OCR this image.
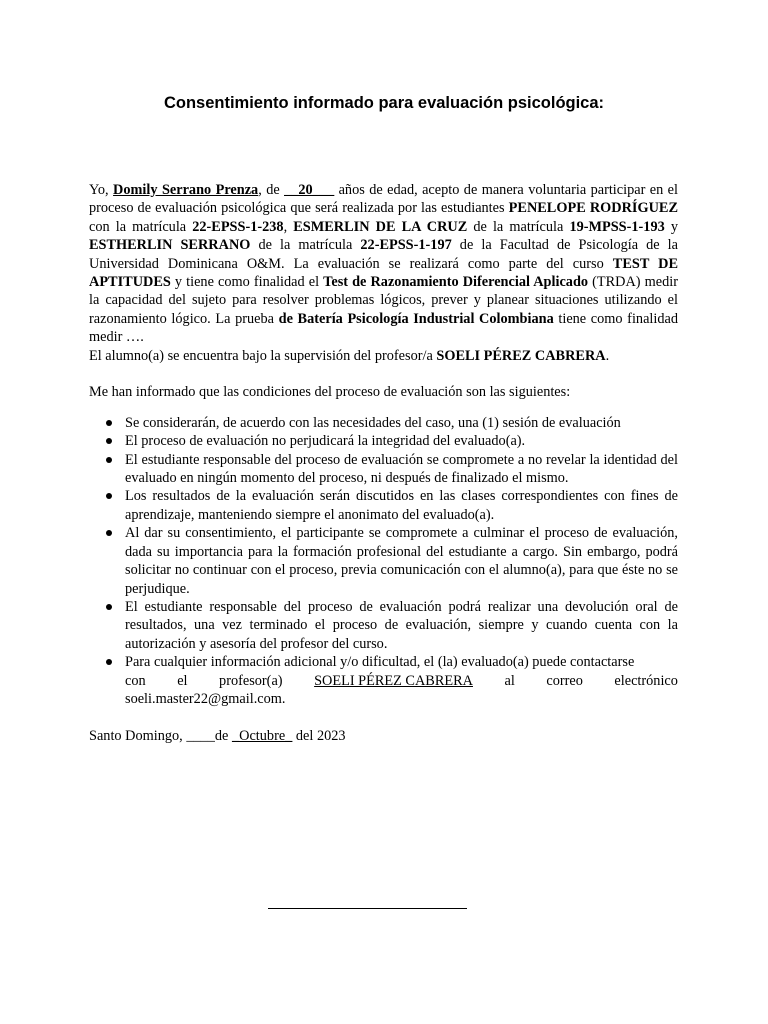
Consentimiento informado para evaluación psicológica:

Yo, Domily Serrano Prenza, de __20___ años de edad, acepto de manera voluntaria participar en el proceso de evaluación psicológica que será realizada por las estudiantes PENELOPE RODRÍGUEZ con la matrícula 22-EPSS-1-238, ESMERLIN DE LA CRUZ de la matrícula 19-MPSS-1-193 y ESTHERLIN SERRANO de la matrícula 22-EPSS-1-197 de la Facultad de Psicología de la Universidad Dominicana O&M. La evaluación se realizará como parte del curso TEST DE APTITUDES y tiene como finalidad el Test de Razonamiento Diferencial Aplicado (TRDA) medir la capacidad del sujeto para resolver problemas lógicos, prever y planear situaciones utilizando el razonamiento lógico. La prueba de Batería Psicología Industrial Colombiana tiene como finalidad medir ….

El alumno(a) se encuentra bajo la supervisión del profesor/a SOELI PÉREZ CABRERA.

Me han informado que las condiciones del proceso de evaluación son las siguientes:

Se considerarán, de acuerdo con las necesidades del caso, una (1) sesión de evaluación
El proceso de evaluación no perjudicará la integridad del evaluado(a).
El estudiante responsable del proceso de evaluación se compromete a no revelar la identidad del evaluado en ningún momento del proceso, ni después de finalizado el mismo.
Los resultados de la evaluación serán discutidos en las clases correspondientes con fines de aprendizaje, manteniendo siempre el anonimato del evaluado(a).
Al dar su consentimiento, el participante se compromete a culminar el proceso de evaluación, dada su importancia para la formación profesional del estudiante a cargo. Sin embargo, podrá solicitar no continuar con el proceso, previa comunicación con el alumno(a), para que éste no se perjudique.
El estudiante responsable del proceso de evaluación podrá realizar una devolución oral de resultados, una vez terminado el proceso de evaluación, siempre y cuando cuenta con la autorización y asesoría del profesor del curso.
Para cualquier información adicional y/o dificultad, el (la) evaluado(a) puede contactarse
con el profesor(a) SOELI PÉREZ CABRERA al correo electrónico
soeli.master22@gmail.com.

Santo Domingo, ____de _Octubre_ del 2023
